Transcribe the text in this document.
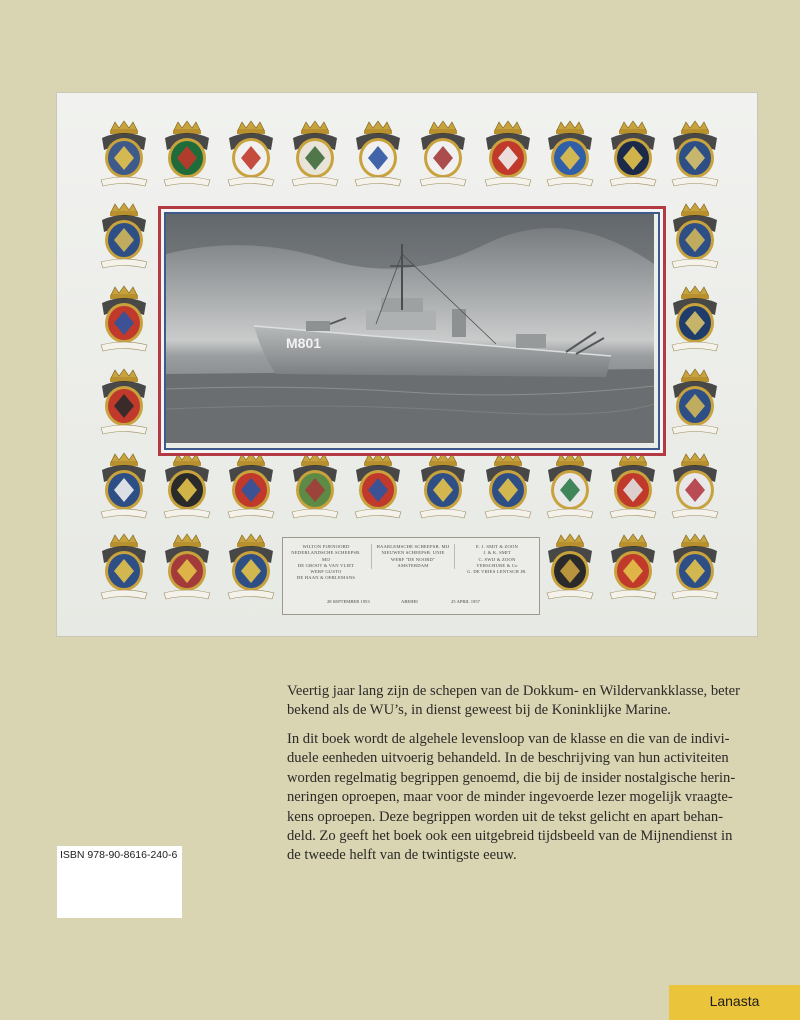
M801
WILTON FIJENOORD
NEDERLANDSCHE SCHEEPSB. MIJ
DE GROOT & VAN VLIET
WERF GUSTO
DE HAAN & OERLEMANS
HAARLEMSCHE SCHEEPSB. MIJ
NIEUWEN SCHEEPSB. UNIE
WERF "DE NOORD"
AMSTERDAM
E. J. SMIT & ZOON
J. & K. SMIT
C. SWIJ & ZOON
VERSCHURE & Co
G. DE VRIES LENTSCH JR.
28 SEPTEMBER 1953	ABEHEI	25 APRIL 1957
Veertig jaar lang zijn de schepen van de Dokkum- en Wildervankklasse, beter
bekend als de WU’s, in dienst geweest bij de Koninklijke Marine.
In dit boek wordt de algehele levensloop van de klasse en die van de indivi-
duele eenheden uitvoerig behandeld. In de beschrijving van hun activiteiten
worden regelmatig begrippen genoemd, die bij de insider nostalgische herin-
neringen oproepen, maar voor de minder ingevoerde lezer mogelijk vraagte-
kens oproepen. Deze begrippen worden uit de tekst gelicht en apart behan-
deld. Zo geeft het boek ook een uitgebreid tijdsbeeld van de Mijnendienst in
de tweede helft van de twintigste eeuw.
ISBN 978-90-8616-240-6
Lanasta
